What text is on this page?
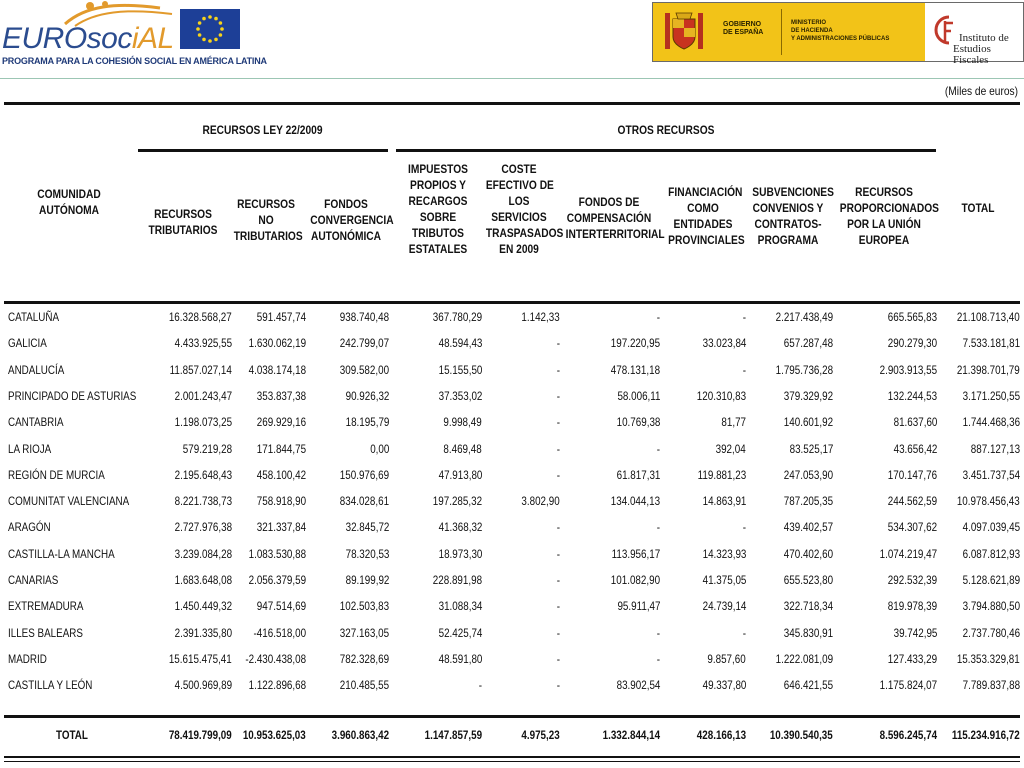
EUROsociAL
PROGRAMA PARA LA COHESIÓN SOCIAL EN AMÉRICA LATINA
GOBIERNO
DE ESPAÑA
MINISTERIO
DE HACIENDA
Y ADMINISTRACIONES PÚBLICAS	Instituto de
Estudios Fiscales
(Miles de euros)
RECURSOS LEY 22/2009	OTROS RECURSOS
COMUNIDAD
AUTÓNOMA	RECURSOS
TRIBUTARIOS
RECURSOS
NO
TRIBUTARIOS
FONDOS
CONVERGENCIA
AUTONÓMICA
IMPUESTOS
PROPIOS Y
RECARGOS
SOBRE
TRIBUTOS
ESTATALES
COSTE
EFECTIVO DE
LOS
SERVICIOS
TRASPASADOS
EN 2009
FONDOS DE
COMPENSACIÓN
INTERTERRITORIAL
FINANCIACIÓN
COMO
ENTIDADES
PROVINCIALES
SUBVENCIONES
CONVENIOS Y
CONTRATOS-
PROGRAMA
RECURSOS
PROPORCIONADOS
POR LA UNIÓN
EUROPEA
TOTAL
CATALUÑA	16.328.568,27 591.457,74	938.740,48	367.780,29	1.142,33	-	- 2.217.438,49	665.565,83 21.108.713,40
GALICIA	4.433.925,55 1.630.062,19	242.799,07	48.594,43	-	197.220,95	33.023,84	657.287,48	290.279,30 7.533.181,81
ANDALUCÍA	11.857.027,14 4.038.174,18	309.582,00	15.155,50	-	478.131,18	- 1.795.736,28	2.903.913,55 21.398.701,79
PRINCIPADO DE ASTURIAS	2.001.243,47 353.837,38	90.926,32	37.353,02	-	58.006,11	120.310,83	379.329,92	132.244,53 3.171.250,55
CANTABRIA	1.198.073,25 269.929,16	18.195,79	9.998,49	-	10.769,38	81,77	140.601,92	81.637,60 1.744.468,36
LA RIOJA	579.219,28 171.844,75	0,00	8.469,48	-	-	392,04	83.525,17	43.656,42	887.127,13
REGIÓN DE MURCIA	2.195.648,43 458.100,42	150.976,69	47.913,80	-	61.817,31	119.881,23	247.053,90	170.147,76 3.451.737,54
COMUNITAT VALENCIANA	8.221.738,73 758.918,90	834.028,61	197.285,32	3.802,90	134.044,13	14.863,91	787.205,35	244.562,59 10.978.456,43
ARAGÓN	2.727.976,38 321.337,84	32.845,72	41.368,32	-	-	-	439.402,57	534.307,62 4.097.039,45
CASTILLA-LA MANCHA	3.239.084,28 1.083.530,88	78.320,53	18.973,30	-	113.956,17	14.323,93	470.402,60	1.074.219,47 6.087.812,93
CANARIAS	1.683.648,08 2.056.379,59	89.199,92	228.891,98	-	101.082,90	41.375,05	655.523,80	292.532,39 5.128.621,89
EXTREMADURA	1.450.449,32 947.514,69	102.503,83	31.088,34	-	95.911,47	24.739,14	322.718,34	819.978,39 3.794.880,50
ILLES BALEARS	2.391.335,80 -416.518,00	327.163,05	52.425,74	-	-	-	345.830,91	39.742,95 2.737.780,46
MADRID	15.615.475,41 -2.430.438,08	782.328,69	48.591,80	-	-	9.857,60 1.222.081,09	127.433,29 15.353.329,81
CASTILLA Y LEÓN	4.500.969,89 1.122.896,68	210.485,55	-	-	83.902,54	49.337,80	646.421,55	1.175.824,07 7.789.837,88
TOTAL	78.419.799,09 10.953.625,03 3.960.863,42	1.147.857,59	4.975,23	1.332.844,14	428.166,13 10.390.540,35	8.596.245,74 115.234.916,72
